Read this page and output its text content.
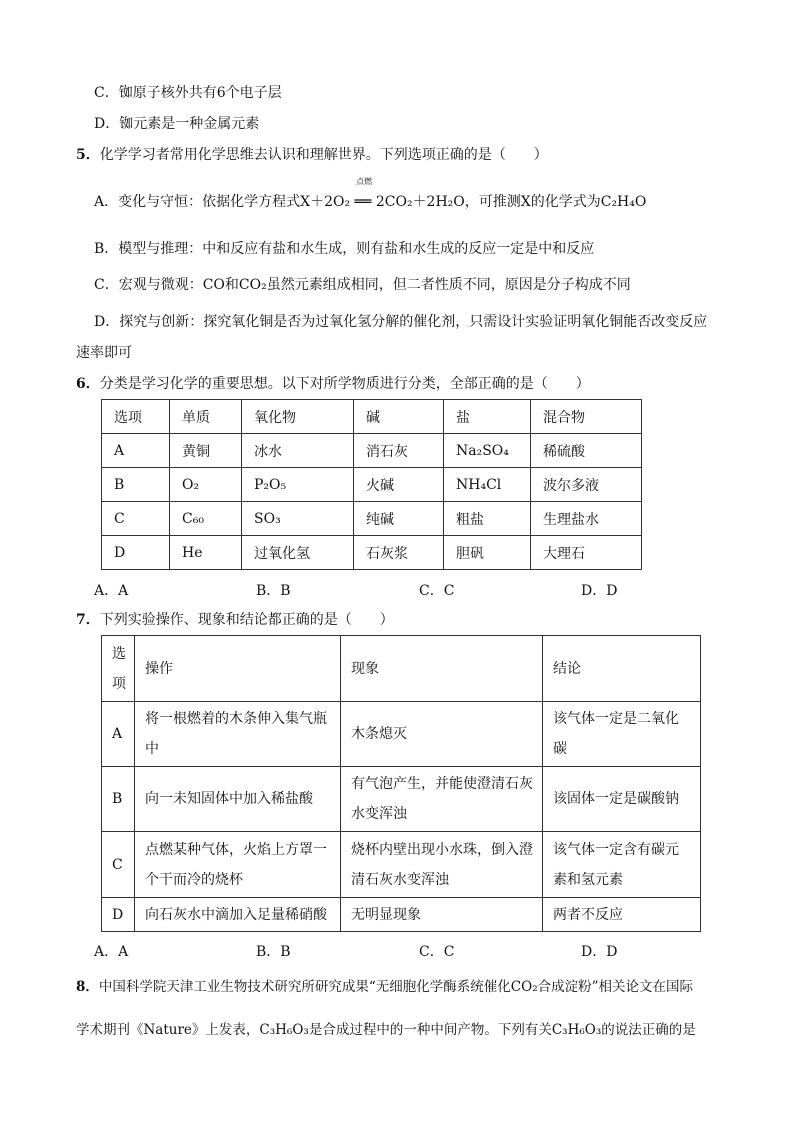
C．铷原子核外共有6个电子层
D．铷元素是一种金属元素
5．化学学习者常用化学思维去认识和理解世界。下列选项正确的是（　　）
A．变化与守恒：依据化学方程式
点燃
X＋2O₂ ══ 2CO₂＋2H₂O，可推测X的化学式为C₂H₄O
B．模型与推理：中和反应有盐和水生成，则有盐和水生成的反应一定是中和反应
C．宏观与微观：CO和CO₂虽然元素组成相同，但二者性质不同，原因是分子构成不同
D．探究与创新：探究氧化铜是否为过氧化氢分解的催化剂，只需设计实验证明氧化铜能否改变反应
速率即可
6．分类是学习化学的重要思想。以下对所学物质进行分类，全部正确的是（　　）
选项	单质	氧化物	碱	盐	混合物
A	黄铜	冰水	消石灰	Na₂SO₄	稀硫酸
B	O₂	P₂O₅	火碱	NH₄Cl	波尔多液
C	C₆₀	SO₃	纯碱	粗盐	生理盐水
D	He	过氧化氢	石灰浆	胆矾	大理石
A．A	B．B	C．C	D．D
7．下列实验操作、现象和结论都正确的是（　　）
选
项	操作	现象	结论
A	将一根燃着的木条伸入集气瓶
中	木条熄灭	该气体一定是二氧化
碳

B	向一未知固体中加入稀盐酸	有气泡产生，并能使澄清石灰
水变浑浊	该固体一定是碳酸钠

C	点燃某种气体，火焰上方罩一
个干而冷的烧杯	烧杯内壁出现小水珠，倒入澄
清石灰水变浑浊	该气体一定含有碳元
素和氢元素

D	向石灰水中滴加入足量稀硝酸	无明显现象	两者不反应
A．A	B．B	C．C	D．D
8．中国科学院天津工业生物技术研究所研究成果“无细胞化学酶系统催化CO₂合成淀粉”相关论文在国际
学术期刊《Nature》上发表，C₃H₆O₃是合成过程中的一种中间产物。下列有关C₃H₆O₃的说法正确的是
